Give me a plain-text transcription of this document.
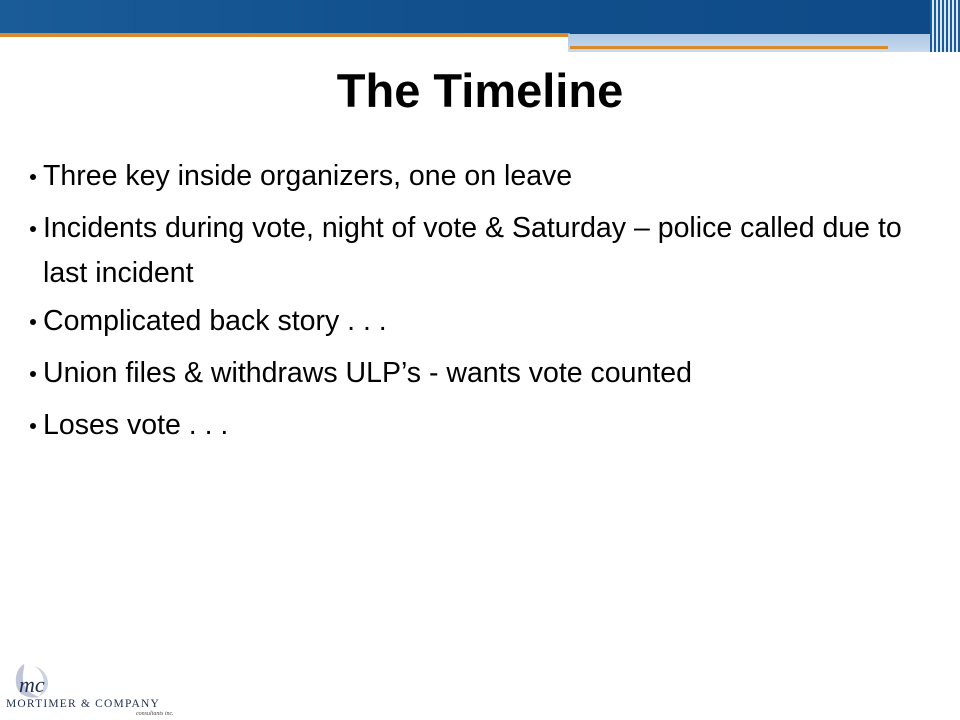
The Timeline
Three key inside organizers, one on leave
Incidents during vote, night of vote & Saturday – police called due to last incident
Complicated back story . . .
Union files & withdraws ULP’s - wants vote counted
Loses vote . . .
mc
MORTIMER & COMPANY
consultants inc.
